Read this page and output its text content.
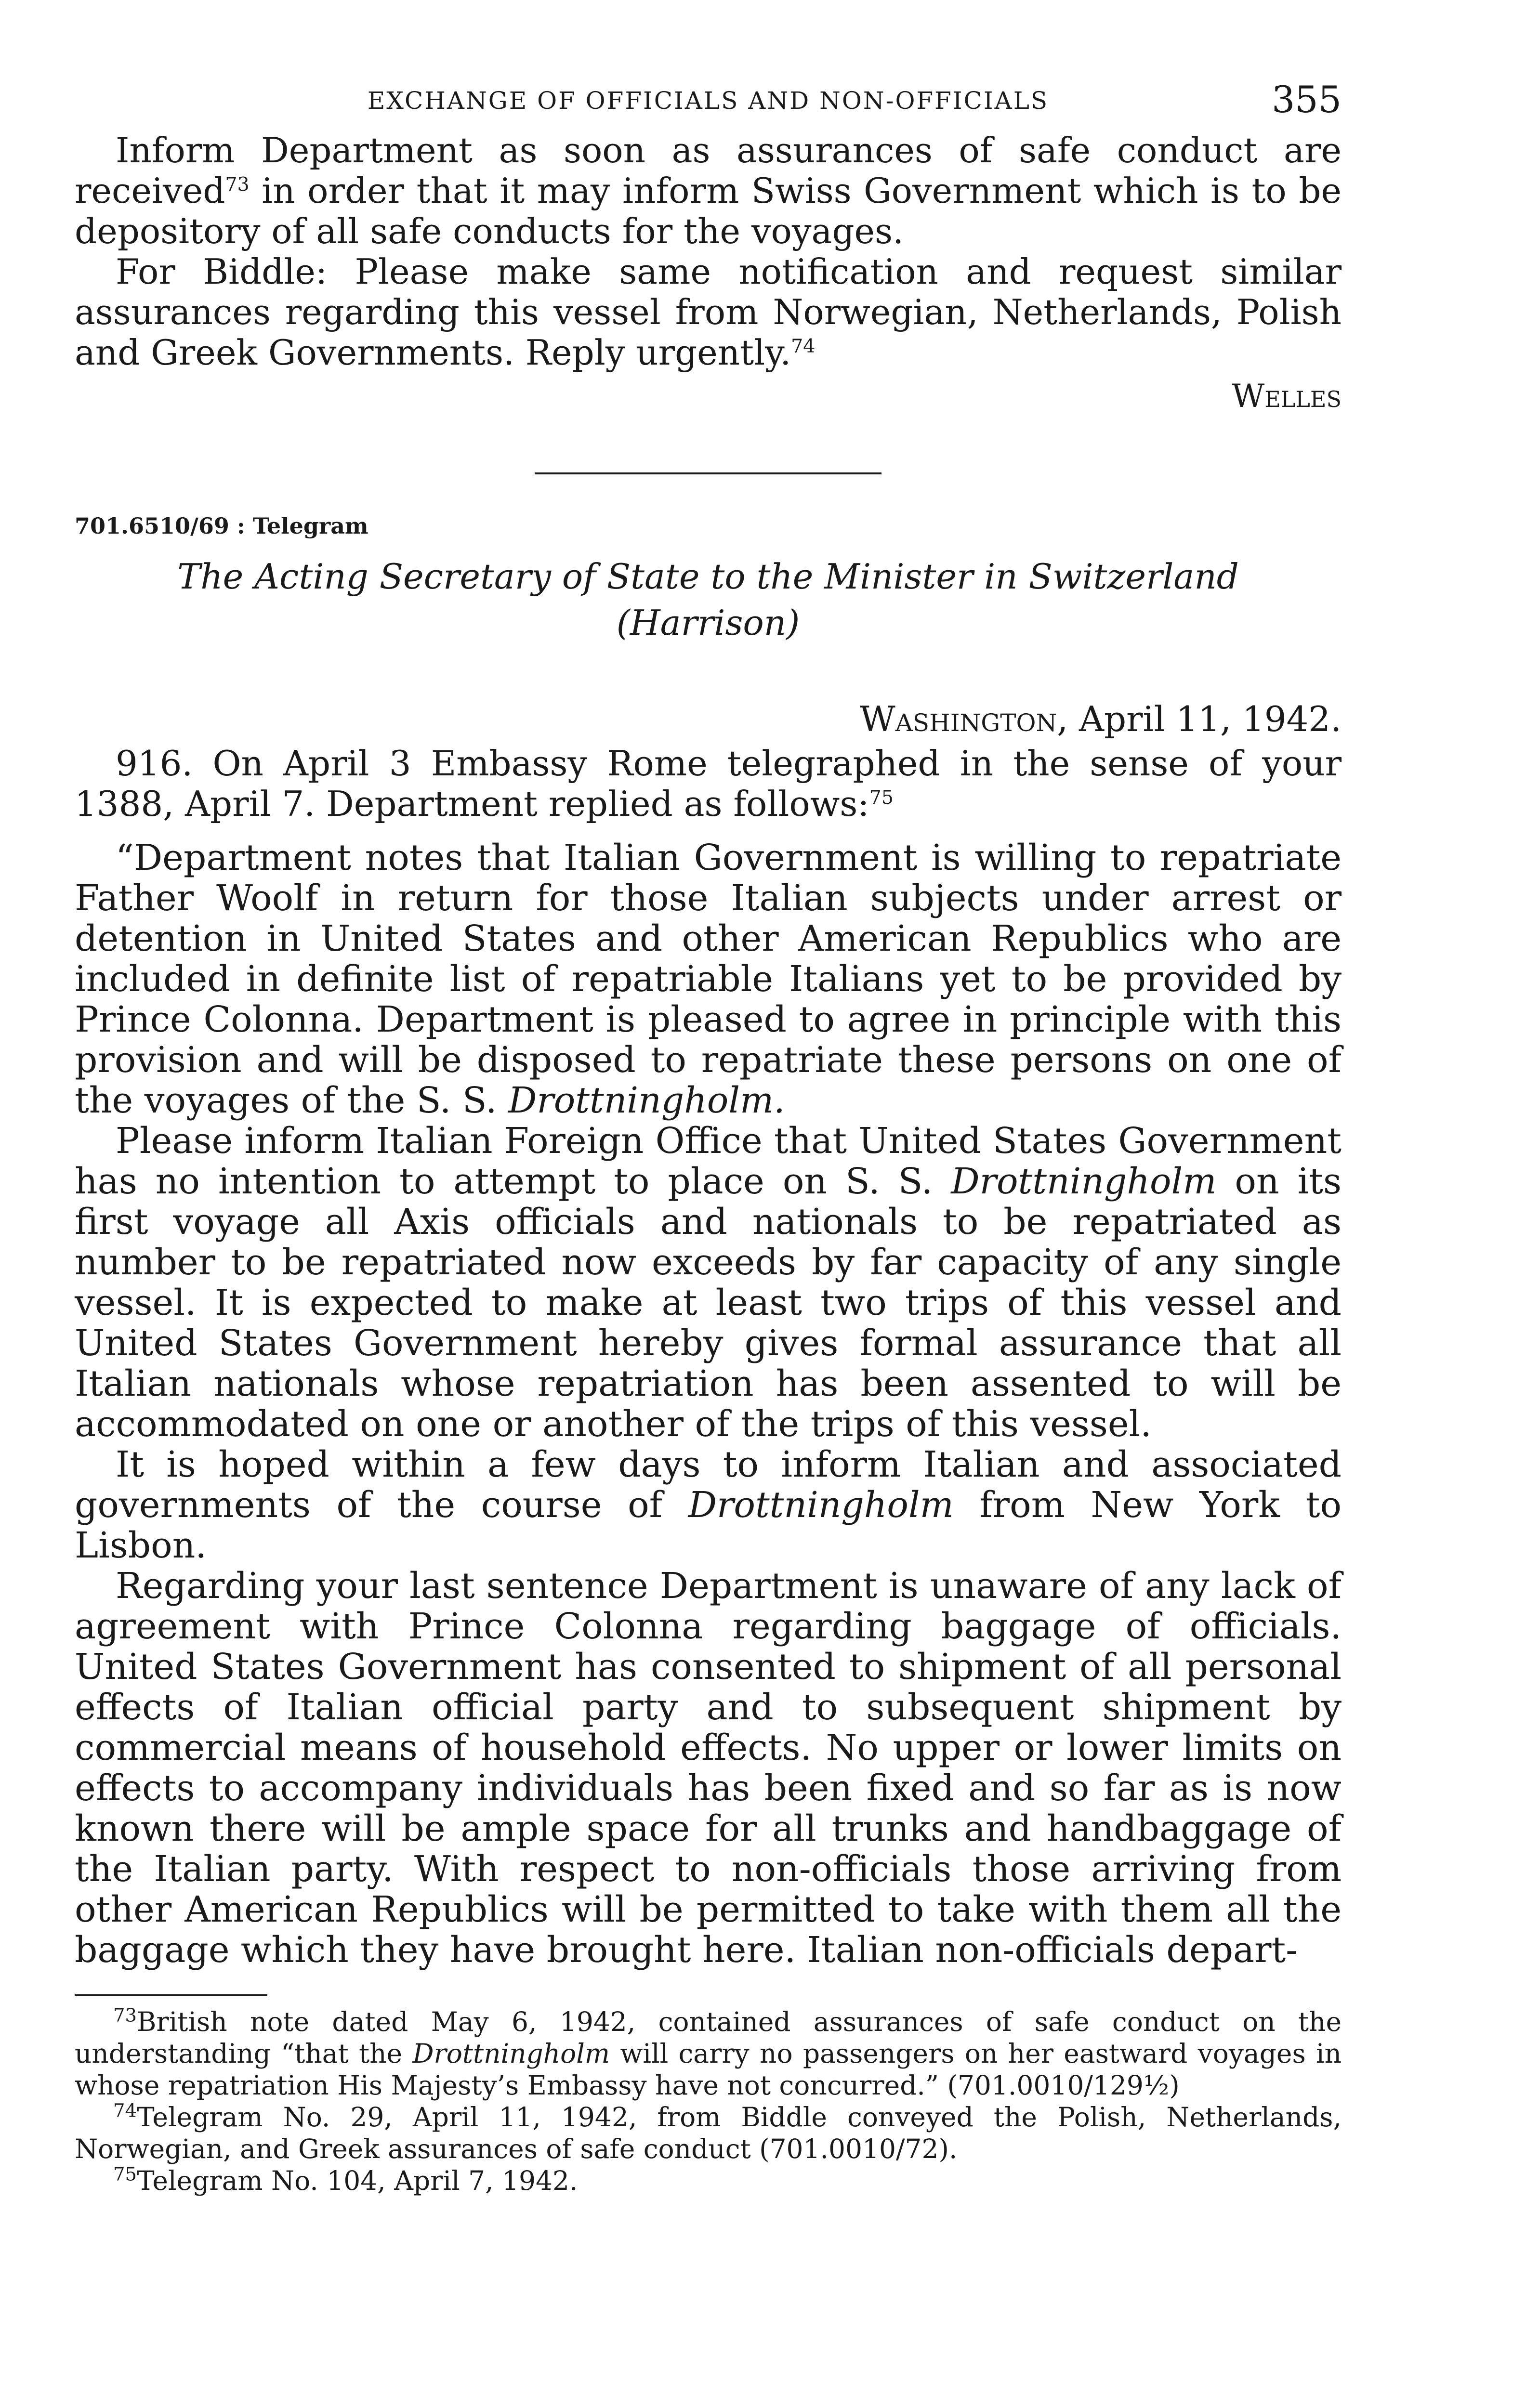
EXCHANGE OF OFFICIALS AND NON-OFFICIALS	355

Inform Department as soon as assurances of safe conduct are received$^{73}$ in order that it may inform Swiss Government which is to be depository of all safe conducts for the voyages.

For Biddle: Please make same notification and request similar assurances regarding this vessel from Norwegian, Netherlands, Polish and Greek Governments. Reply urgently.$^{74}$

Welles
701.6510/69 : Telegram
The Acting Secretary of State to the Minister in Switzerland
(Harrison)
Washington, April 11, 1942.

916. On April 3 Embassy Rome telegraphed in the sense of your 1388, April 7. Department replied as follows:$^{75}$

“Department notes that Italian Government is willing to repatriate Father Woolf in return for those Italian subjects under arrest or detention in United States and other American Republics who are included in definite list of repatriable Italians yet to be provided by Prince Colonna. Department is pleased to agree in principle with this provision and will be disposed to repatriate these persons on one of the voyages of the S. S. Drottningholm.

Please inform Italian Foreign Office that United States Government has no intention to attempt to place on S. S. Drottningholm on its first voyage all Axis officials and nationals to be repatriated as number to be repatriated now exceeds by far capacity of any single vessel. It is expected to make at least two trips of this vessel and United States Government hereby gives formal assurance that all Italian nationals whose repatriation has been assented to will be accommodated on one or another of the trips of this vessel.

It is hoped within a few days to inform Italian and associated governments of the course of Drottningholm from New York to Lisbon.

Regarding your last sentence Department is unaware of any lack of agreement with Prince Colonna regarding baggage of officials. United States Government has consented to shipment of all personal effects of Italian official party and to subsequent shipment by commercial means of household effects. No upper or lower limits on effects to accompany individuals has been fixed and so far as is now known there will be ample space for all trunks and handbaggage of the Italian party. With respect to non-officials those arriving from other American Republics will be permitted to take with them all the baggage which they have brought here. Italian non-officials depart-

$^{73}$British note dated May 6, 1942, contained assurances of safe conduct on the understanding “that the Drottningholm will carry no passengers on her eastward voyages in whose repatriation His Majesty’s Embassy have not concurred.” (701.0010/129½)

$^{74}$Telegram No. 29, April 11, 1942, from Biddle conveyed the Polish, Netherlands, Norwegian, and Greek assurances of safe conduct (701.0010/72).

$^{75}$Telegram No. 104, April 7, 1942.
